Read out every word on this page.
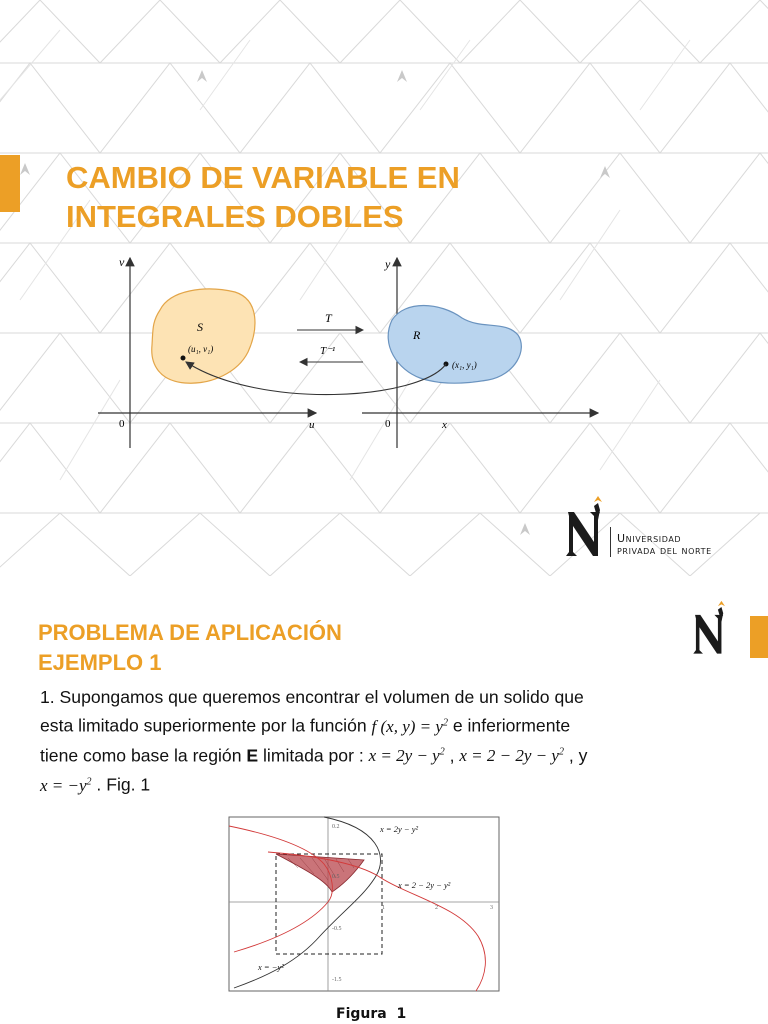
CAMBIO DE VARIABLE EN
INTEGRALES DOBLES
v
u
0
S
(u₁, v₁)
T
T⁻¹
y
x
0
R
(x₁, y₁)
Universidad
privada del norte
PROBLEMA DE APLICACIÓN
EJEMPLO 1
1. Supongamos que queremos encontrar el volumen de un solido que
esta limitado superiormente por la función f (x, $y) = y^2$ e inferiormente
tiene como base la región E limitada por : $x = 2y - y^2$ , $x = 2 - 2y - y^2$ , y
$x = -y^2$ . Fig. 1
0.2
0.5
-0.5
-1.5
1	2	3
x = 2y − y²
x = 2 − 2y − y²
x = −y²
Figura  1
